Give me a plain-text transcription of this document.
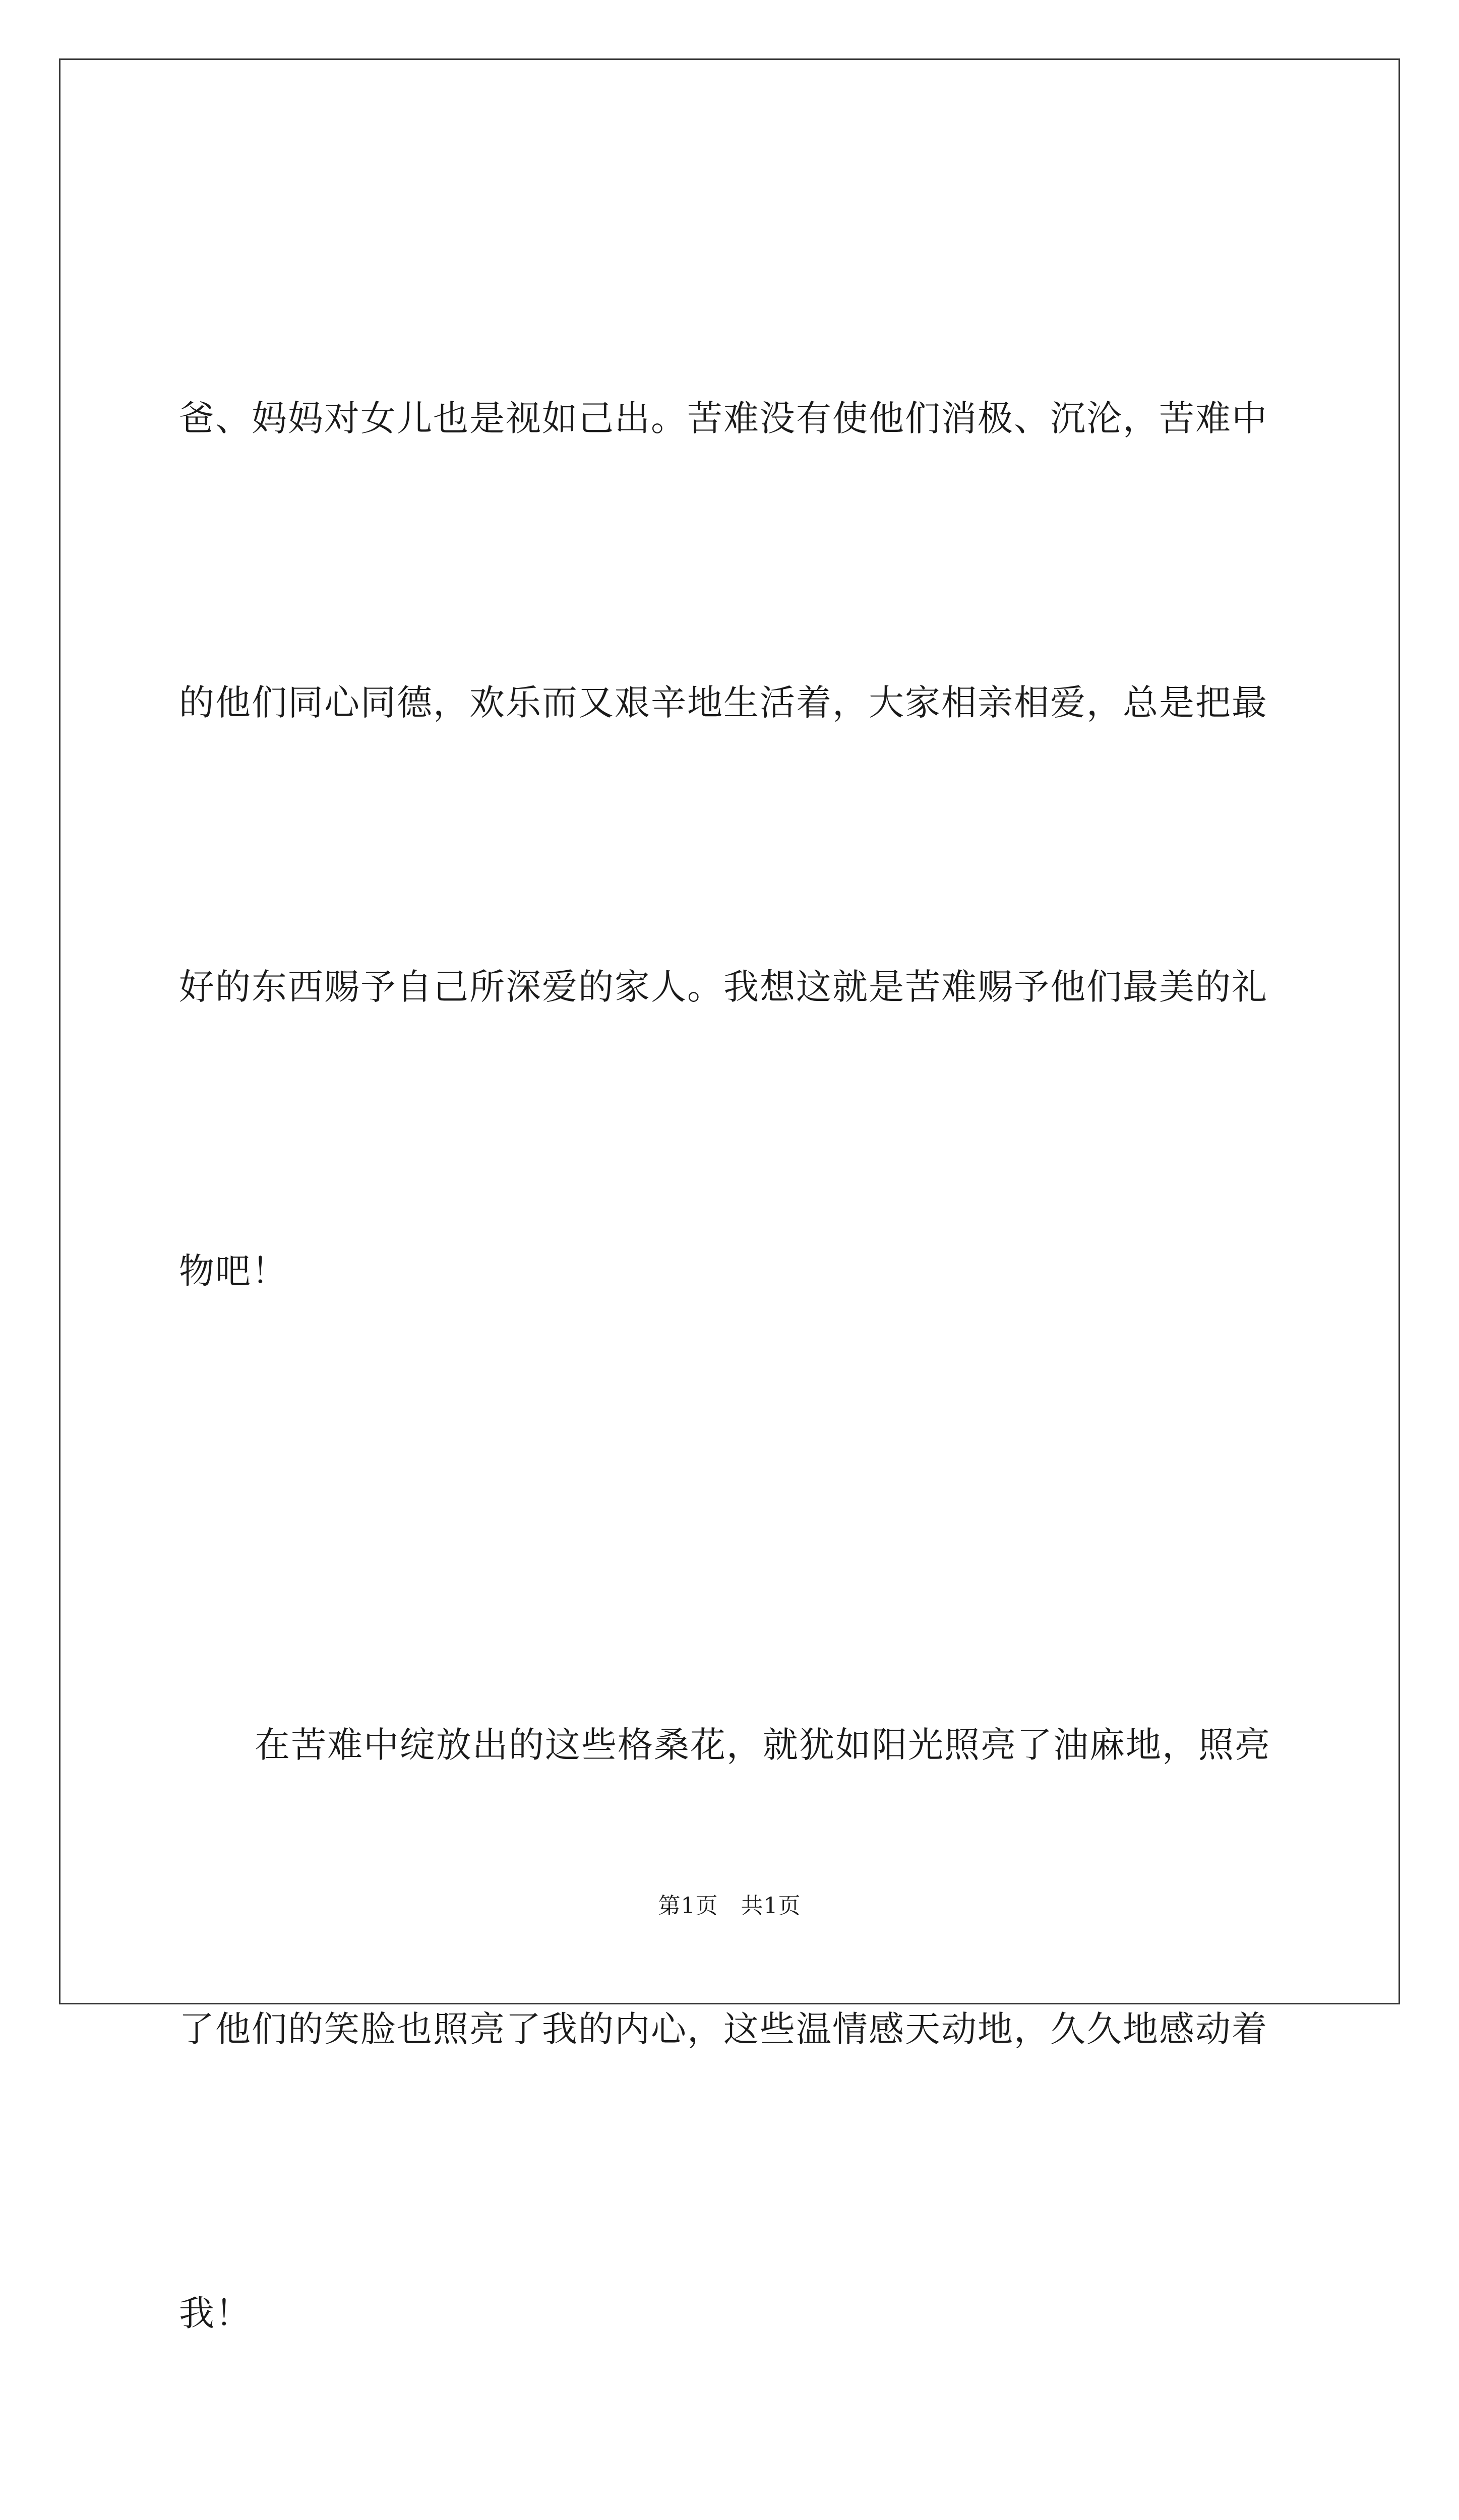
爸、妈妈对女儿也是视如己出。苦难没有使他们消极、沉沦，苦难中

的他们同心同德，欢乐而又艰辛地生活着，大家相亲相爱，总是把最

好的东西赐予自己所深爱的家人。我想这就是苦难赐予他们最美的礼

物吧！

在苦难中绽放出的这些格桑花，就犹如阳光照亮了油麻地，照亮

了他们的笑脸也照亮了我的内心，这些温情感天动地，久久地感动着

我！

第1页　共1页
